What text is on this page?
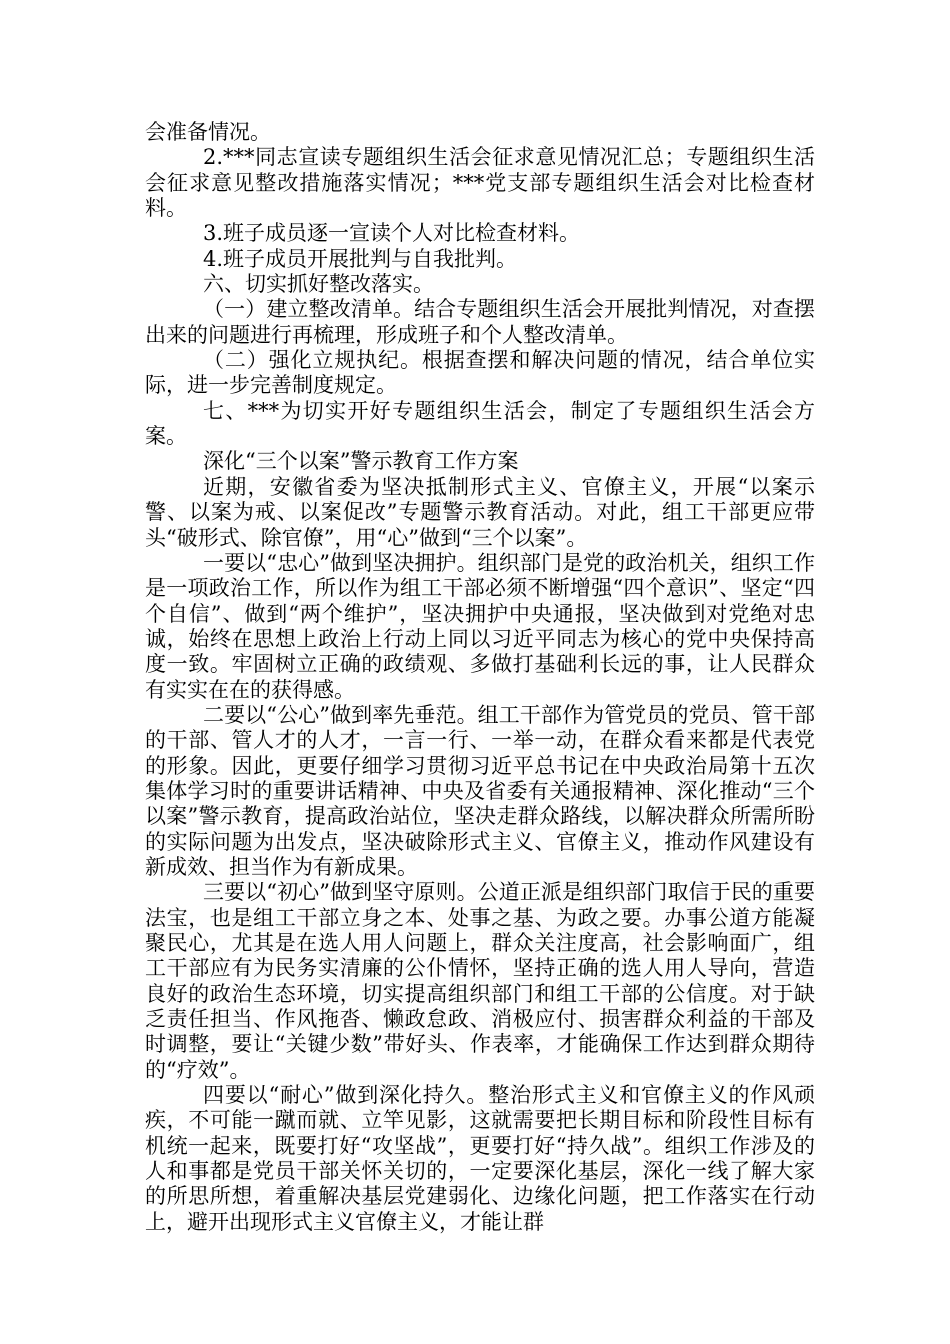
会准备情况。

2.***同志宣读专题组织生活会征求意见情况汇总；专题组织生活会征求意见整改措施落实情况；***党支部专题组织生活会对比检查材料。

3.班子成员逐一宣读个人对比检查材料。

4.班子成员开展批判与自我批判。

六、切实抓好整改落实。

（一）建立整改清单。结合专题组织生活会开展批判情况，对查摆出来的问题进行再梳理，形成班子和个人整改清单。

（二）强化立规执纪。根据查摆和解决问题的情况，结合单位实际，进一步完善制度规定。

七、***为切实开好专题组织生活会，制定了专题组织生活会方案。

深化“三个以案”警示教育工作方案

近期，安徽省委为坚决抵制形式主义、官僚主义，开展“以案示警、以案为戒、以案促改”专题警示教育活动。对此，组工干部更应带头“破形式、除官僚”，用“心”做到“三个以案”。

一要以“忠心”做到坚决拥护。组织部门是党的政治机关，组织工作是一项政治工作，所以作为组工干部必须不断增强“四个意识”、坚定“四个自信”、做到“两个维护”，坚决拥护中央通报，坚决做到对党绝对忠诚，始终在思想上政治上行动上同以习近平同志为核心的党中央保持高度一致。牢固树立正确的政绩观、多做打基础利长远的事，让人民群众有实实在在的获得感。

二要以“公心”做到率先垂范。组工干部作为管党员的党员、管干部的干部、管人才的人才，一言一行、一举一动，在群众看来都是代表党的形象。因此，更要仔细学习贯彻习近平总书记在中央政治局第十五次集体学习时的重要讲话精神、中央及省委有关通报精神、深化推动“三个以案”警示教育，提高政治站位，坚决走群众路线，以解决群众所需所盼的实际问题为出发点，坚决破除形式主义、官僚主义，推动作风建设有新成效、担当作为有新成果。

三要以“初心”做到坚守原则。公道正派是组织部门取信于民的重要法宝，也是组工干部立身之本、处事之基、为政之要。办事公道方能凝聚民心，尤其是在选人用人问题上，群众关注度高，社会影响面广，组工干部应有为民务实清廉的公仆情怀，坚持正确的选人用人导向，营造良好的政治生态环境，切实提高组织部门和组工干部的公信度。对于缺乏责任担当、作风拖沓、懒政怠政、消极应付、损害群众利益的干部及时调整，要让“关键少数”带好头、作表率，才能确保工作达到群众期待的“疗效”。

四要以“耐心”做到深化持久。整治形式主义和官僚主义的作风顽疾，不可能一蹴而就、立竿见影，这就需要把长期目标和阶段性目标有机统一起来，既要打好“攻坚战”，更要打好“持久战”。组织工作涉及的人和事都是党员干部关怀关切的，一定要深化基层，深化一线了解大家的所思所想，着重解决基层党建弱化、边缘化问题，把工作落实在行动上，避开出现形式主义官僚主义，才能让群
